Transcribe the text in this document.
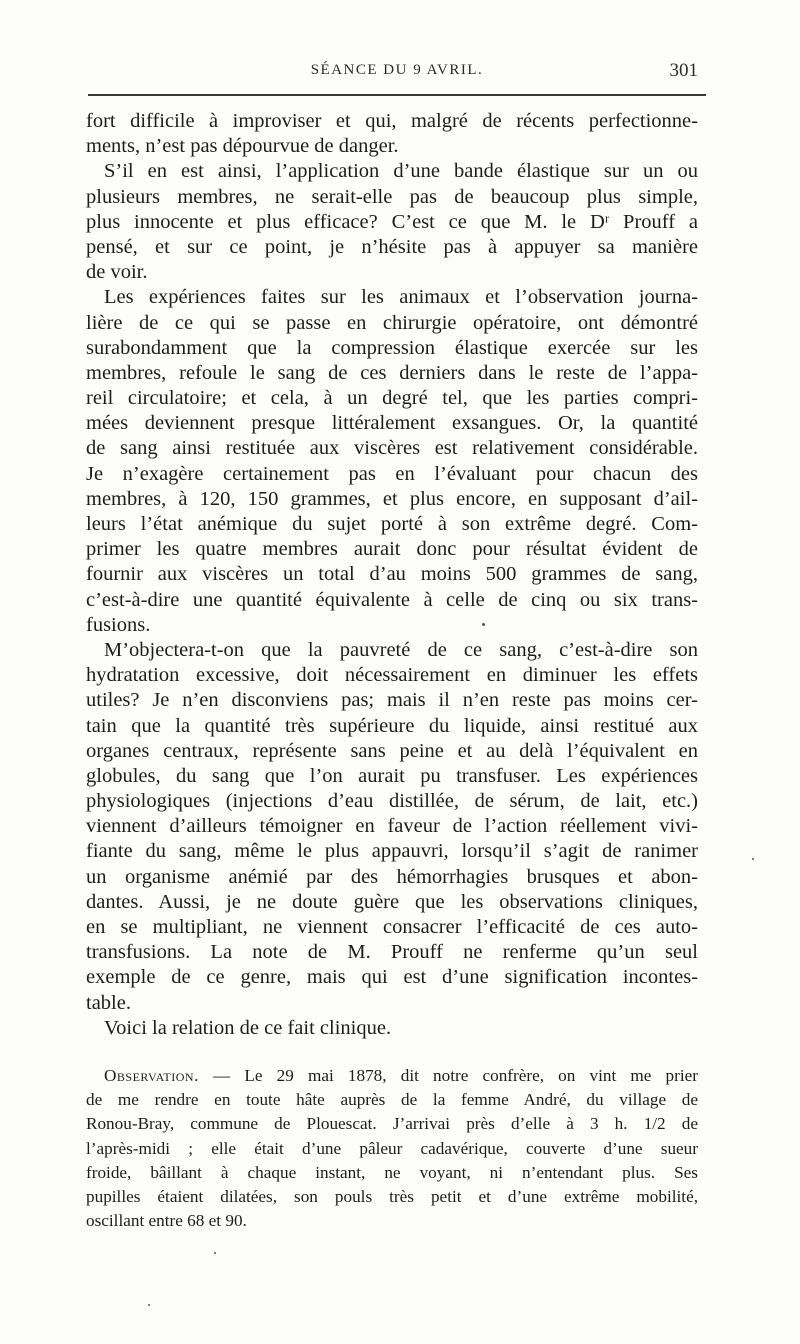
SÉANCE DU 9 AVRIL.	301
fort difficile à improviser et qui, malgré de récents perfectionne-
ments, n’est pas dépourvue de danger.
S’il en est ainsi, l’application d’une bande élastique sur un ou
plusieurs membres, ne serait-elle pas de beaucoup plus simple,
plus innocente et plus efficace? C’est ce que M. le Dʳ Prouff a
pensé, et sur ce point, je n’hésite pas à appuyer sa manière
de voir.
Les expériences faites sur les animaux et l’observation journa-
lière de ce qui se passe en chirurgie opératoire, ont démontré
surabondamment que la compression élastique exercée sur les
membres, refoule le sang de ces derniers dans le reste de l’appa-
reil circulatoire; et cela, à un degré tel, que les parties compri-
mées deviennent presque littéralement exsangues. Or, la quantité
de sang ainsi restituée aux viscères est relativement considérable.
Je n’exagère certainement pas en l’évaluant pour chacun des
membres, à 120, 150 grammes, et plus encore, en supposant d’ail-
leurs l’état anémique du sujet porté à son extrême degré. Com-
primer les quatre membres aurait donc pour résultat évident de
fournir aux viscères un total d’au moins 500 grammes de sang,
c’est-à-dire une quantité équivalente à celle de cinq ou six trans-
fusions.
M’objectera-t-on que la pauvreté de ce sang, c’est-à-dire son
hydratation excessive, doit nécessairement en diminuer les effets
utiles? Je n’en disconviens pas; mais il n’en reste pas moins cer-
tain que la quantité très supérieure du liquide, ainsi restitué aux
organes centraux, représente sans peine et au delà l’équivalent en
globules, du sang que l’on aurait pu transfuser. Les expériences
physiologiques (injections d’eau distillée, de sérum, de lait, etc.)
viennent d’ailleurs témoigner en faveur de l’action réellement vivi-
fiante du sang, même le plus appauvri, lorsqu’il s’agit de ranimer
un organisme anémié par des hémorrhagies brusques et abon-
dantes. Aussi, je ne doute guère que les observations cliniques,
en se multipliant, ne viennent consacrer l’efficacité de ces auto-
transfusions. La note de M. Prouff ne renferme qu’un seul
exemple de ce genre, mais qui est d’une signification incontes-
table.
Voici la relation de ce fait clinique.
Observation. — Le 29 mai 1878, dit notre confrère, on vint me prier
de me rendre en toute hâte auprès de la femme André, du village de
Ronou-Bray, commune de Plouescat. J’arrivai près d’elle à 3 h. 1/2 de
l’après-midi ; elle était d’une pâleur cadavérique, couverte d’une sueur
froide, bâillant à chaque instant, ne voyant, ni n’entendant plus. Ses
pupilles étaient dilatées, son pouls très petit et d’une extrême mobilité,
oscillant entre 68 et 90.
